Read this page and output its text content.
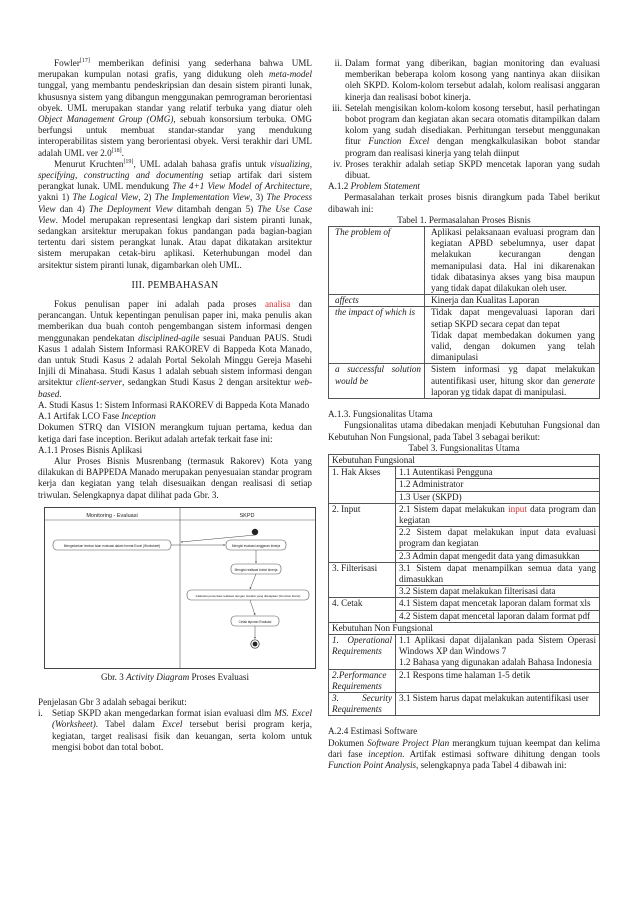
Fowler[17] memberikan definisi yang sederhana bahwa UML merupakan kumpulan notasi grafis, yang didukung oleh meta-model tunggal, yang membantu pendeskripsian dan desain sistem piranti lunak, khususnya sistem yang dibangun menggunakan pemrograman berorientasi obyek. UML merupakan standar yang relatif terbuka yang diatur oleh Object Management Group (OMG), sebuah konsorsium terbuka. OMG berfungsi untuk membuat standar-standar yang mendukung interoperabilitas sistem yang berorientasi obyek. Versi terakhir dari UML adalah UML ver 2.0[18].

Menurut Kruchten[19], UML adalah bahasa grafis untuk visualizing, specifying, constructing and documenting setiap artifak dari sistem perangkat lunak. UML mendukung The 4+1 View Model of Architecture, yakni 1) The Logical View, 2) The Implementation View, 3) The Process View dan 4) The Deployment View ditambah dengan 5) The Use Case View. Model merupakan representasi lengkap dari sistem piranti lunak, sedangkan arsitektur merupakan fokus pandangan pada bagian-bagian tertentu dari sistem perangkat lunak. Atau dapat dikatakan arsitektur sistem merupakan cetak-biru aplikasi. Keterhubungan model dan arsitektur sistem piranti lunak, digambarkan oleh UML.

III. PEMBAHASAN

Fokus penulisan paper ini adalah pada proses analisa dan perancangan. Untuk kepentingan penulisan paper ini, maka penulis akan memberikan dua buah contoh pengembangan sistem informasi dengen menggunakan pendekatan disciplined-agile sesuai Panduan PAUS. Studi Kasus 1 adalah Sistem Informasi RAKOREV di Bappeda Kota Manado, dan untuk Studi Kasus 2 adalah Portal Sekolah Minggu Gereja Masehi Injili di Minahasa. Studi Kasus 1 adalah sebuah sistem informasi dengan arsitektur client-server, sedangkan Studi Kasus 2 dengan arsitektur web-based.

A. Studi Kasus 1: Sistem Informasi RAKOREV di Bappeda Kota Manado

A.1 Artifak LCO Fase Inception

Dokumen STRQ dan VISION merangkum tujuan pertama, kedua dan ketiga dari fase inception. Berikut adalah artefak terkait fase ini:

A.1.1 Proses Bisnis Aplikasi

Alur Proses Bisnis Musrenbang (termasuk Rakorev) Kota yang dilakukan di BAPPEDA Manado merupakan penyesuaian standar program kerja dan kegiatan yang telah disesuaikan dengan realisasi di setiap triwulan. Selengkapnya dapat dilihat pada Gbr. 3.

Monitoring - Evaluasi	SKPD
Mengedarkan lembar isian evaluasi dalam format Excel (Worksheet)	Mengisi evaluasi anggaran kinerja
Mengisi realisasi bobot kinerja
Kalkulasi persentasi realisasi dengan standar yang ditetapkan (Function Excel)
Cetak laporan Evaluasi

Gbr. 3 Activity Diagram Proses Evaluasi

Penjelasan Gbr 3 adalah sebagai berikut:

i.	Setiap SKPD akan mengedarkan format isian evaluasi dlm MS. Excel (Worksheet). Tabel dalam Excel tersebut berisi program kerja, kegiatan, target realisasi fisik dan keuangan, serta kolom untuk mengisi bobot dan total bobot.
ii. Dalam format yang diberikan, bagian monitoring dan evaluasi memberikan beberapa kolom kosong yang nantinya akan diisikan oleh SKPD. Kolom-kolom tersebut adalah, kolom realisasi anggaran kinerja dan realisasi bobot kinerja.
iii. Setelah mengisikan kolom-kolom kosong tersebut, hasil perhatingan bobot program dan kegiatan akan secara otomatis ditampilkan dalam kolom yang sudah disediakan. Perhitungan tersebut menggunakan fitur Function Excel dengan mengkalkulasikan bobot standar program dan realisasi kinerja yang telah diinput
iv. Proses terakhir adalah setiap SKPD mencetak laporan yang sudah dibuat.

A.1.2 Problem Statement

Permasalahan terkait proses bisnis dirangkum pada Tabel berikut dibawah ini:

Tabel 1. Permasalahan Proses Bisnis

The problem of	Aplikasi pelaksanaan evaluasi program dan kegiatan APBD sebelumnya, user dapat melakukan kecurangan dengan memanipulasi data. Hal ini dikarenakan tidak dibatasinya akses yang bisa maupun yang tidak dapat dilakukan oleh user.
affects	Kinerja dan Kualitas Laporan
the impact of which is	Tidak dapat mengevaluasi laporan dari setiap SKPD secara cepat dan tepat
Tidak dapat membedakan dokumen yang valid, dengan dokumen yang telah dimanipulasi
a successful solution would be	Sistem informasi yg dapat melakukan autentifikasi user, hitung skor dan generate laporan yg tidak dapat di manipulasi.

A.1.3. Fungsionalitas Utama

Fungsionalitas utama dibedakan menjadi Kebutuhan Fungsional dan Kebutuhan Non Fungsional, pada Tabel 3 sebagai berikut:

Tabel 3. Fungsionalitas Utama

Kebutuhan Fungsional	
1. Hak Akses	1.1 Autentikasi Pengguna
	1.2 Administrator
	1.3 User (SKPD)
2. Input	2.1 Sistem dapat melakukan input data program dan kegiatan
	2.2 Sistem dapat melakukan input data evaluasi program dan kegiatan
	2.3 Admin dapat mengedit data yang dimasukkan
3. Filterisasi	3.1 Sistem dapat menampilkan semua data yang dimasukkan
	3.2 Sistem dapat melakukan filterisasi data
4. Cetak	4.1 Sistem dapat mencetak laporan dalam format xls
	4.2 Sistem dapat mencetal laporan dalam format pdf
Kebutuhan Non Fungsional	
1. Operational Requirements	1.1 Aplikasi dapat dijalankan pada Sistem Operasi Windows XP dan Windows 7
1.2 Bahasa yang digunakan adalah Bahasa Indonesia

2.Performance Requirements	2.1 Respons time halaman 1-5 detik
3. Security Requirements	3.1 Sistem harus dapat melakukan autentifikasi user

A.2.4 Estimasi Software

Dokumen Software Project Plan merangkum tujuan keempat dan kelima dari fase inception. Artifak estimasi software dihitung dengan tools Function Point Analysis, selengkapnya pada Tabel 4 dibawah ini:
